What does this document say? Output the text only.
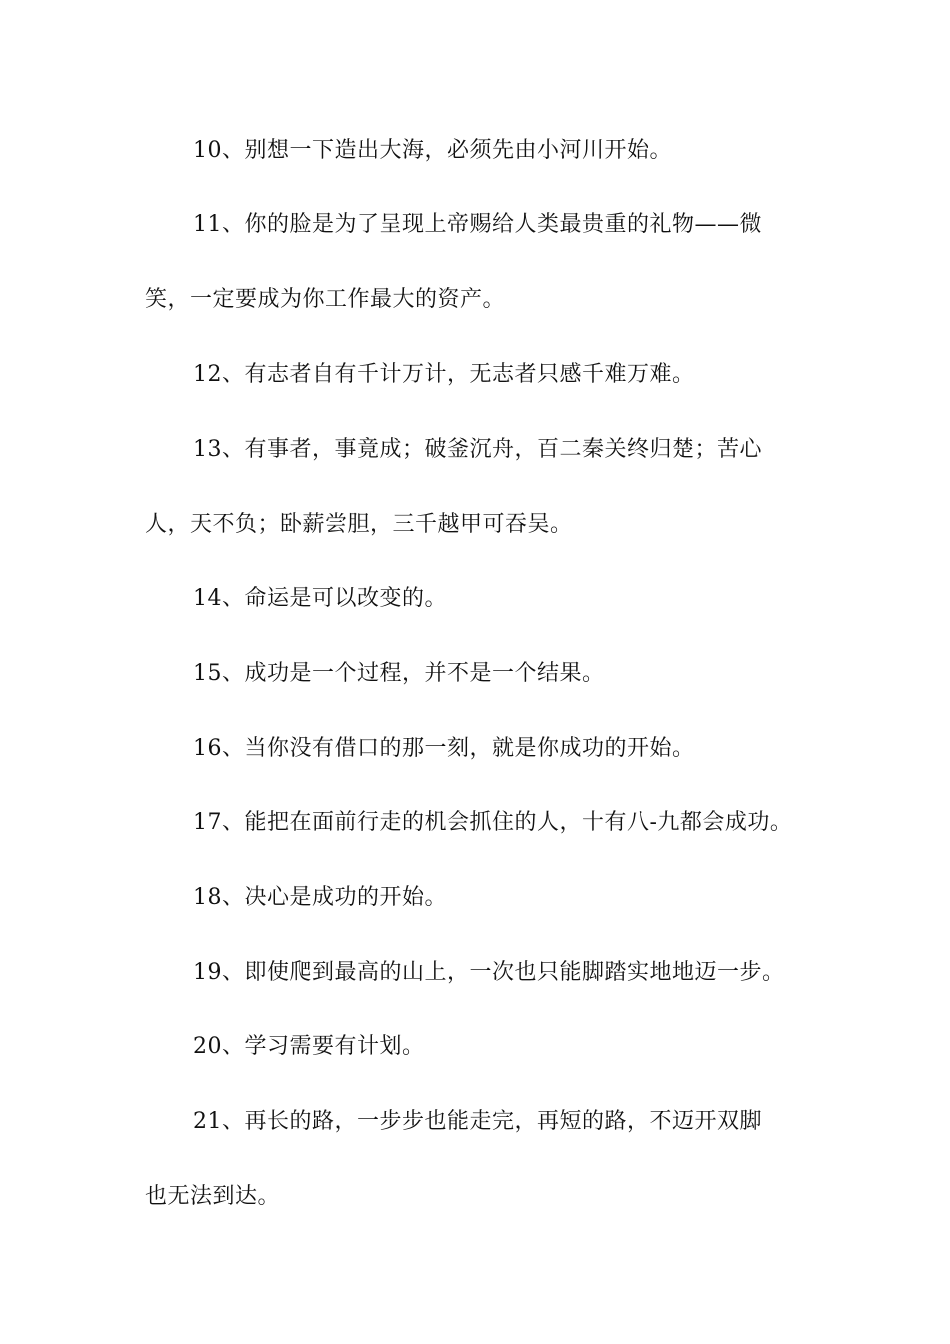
10、别想一下造出大海，必须先由小河川开始。
11、你的脸是为了呈现上帝赐给人类最贵重的礼物——微
笑，一定要成为你工作最大的资产。
12、有志者自有千计万计，无志者只感千难万难。
13、有事者，事竟成；破釜沉舟，百二秦关终归楚；苦心
人，天不负；卧薪尝胆，三千越甲可吞吴。
14、命运是可以改变的。
15、成功是一个过程，并不是一个结果。
16、当你没有借口的那一刻，就是你成功的开始。
17、能把在面前行走的机会抓住的人，十有八-九都会成功。
18、决心是成功的开始。
19、即使爬到最高的山上，一次也只能脚踏实地地迈一步。
20、学习需要有计划。
21、再长的路，一步步也能走完，再短的路，不迈开双脚
也无法到达。
